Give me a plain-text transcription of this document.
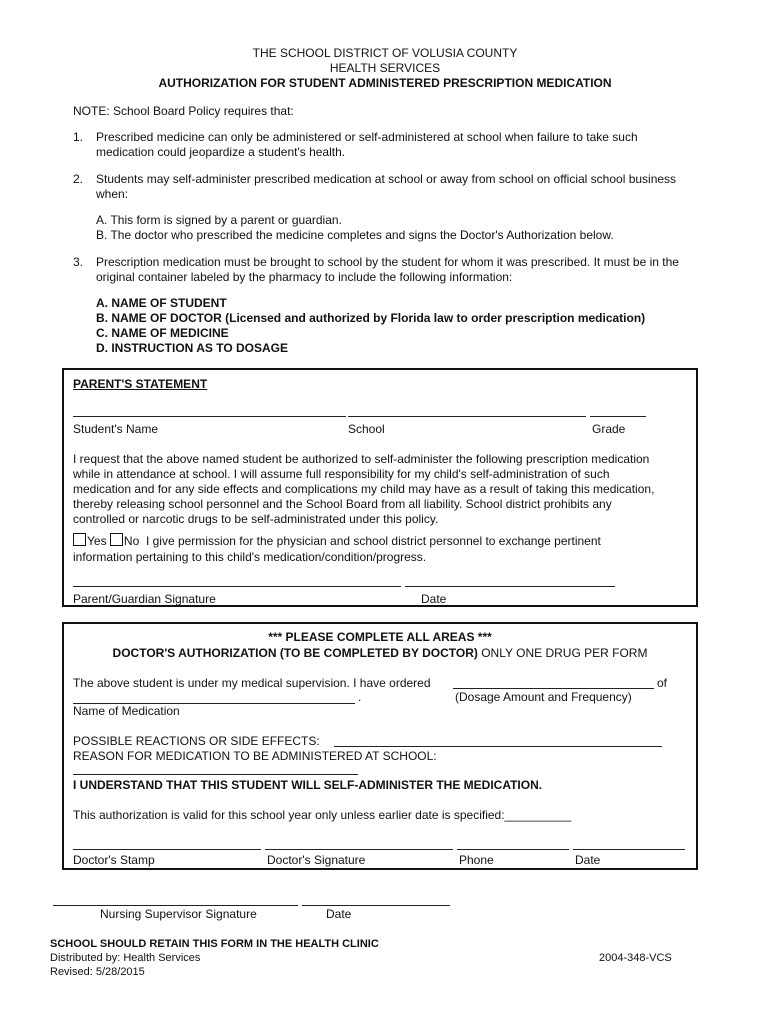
THE SCHOOL DISTRICT OF VOLUSIA COUNTY
HEALTH SERVICES
AUTHORIZATION FOR STUDENT ADMINISTERED PRESCRIPTION MEDICATION
NOTE: School Board Policy requires that:
1. Prescribed medicine can only be administered or self-administered at school when failure to take such
medication could jeopardize a student's health.
2. Students may self-administer prescribed medication at school or away from school on official school business
when:
A. This form is signed by a parent or guardian.
B. The doctor who prescribed the medicine completes and signs the Doctor's Authorization below.
3. Prescription medication must be brought to school by the student for whom it was prescribed. It must be in the
original container labeled by the pharmacy to include the following information:
A. NAME OF STUDENT
B. NAME OF DOCTOR (Licensed and authorized by Florida law to order prescription medication)
C. NAME OF MEDICINE
D. INSTRUCTION AS TO DOSAGE
PARENT'S STATEMENT
Student's Name	School	Grade
I request that the above named student be authorized to self-administer the following prescription medication
while in attendance at school. I will assume full responsibility for my child's self-administration of such
medication and for any side effects and complications my child may have as a result of taking this medication,
thereby releasing school personnel and the School Board from all liability. School district prohibits any
controlled or narcotic drugs to be self-administrated under this policy.
Yes No I give permission for the physician and school district personnel to exchange pertinent
information pertaining to this child's medication/condition/progress.
Parent/Guardian Signature	Date
*** PLEASE COMPLETE ALL AREAS ***
DOCTOR'S AUTHORIZATION (TO BE COMPLETED BY DOCTOR) ONLY ONE DRUG PER FORM
The above student is under my medical supervision. I have ordered	of
.	(Dosage Amount and Frequency)
Name of Medication
POSSIBLE REACTIONS OR SIDE EFFECTS:
REASON FOR MEDICATION TO BE ADMINISTERED AT SCHOOL:
I UNDERSTAND THAT THIS STUDENT WILL SELF-ADMINISTER THE MEDICATION.
This authorization is valid for this school year only unless earlier date is specified:__________
Doctor's Stamp	Doctor's Signature	Phone	Date
Nursing Supervisor Signature	Date
SCHOOL SHOULD RETAIN THIS FORM IN THE HEALTH CLINIC
Distributed by: Health Services
Revised: 5/28/2015
2004-348-VCS
